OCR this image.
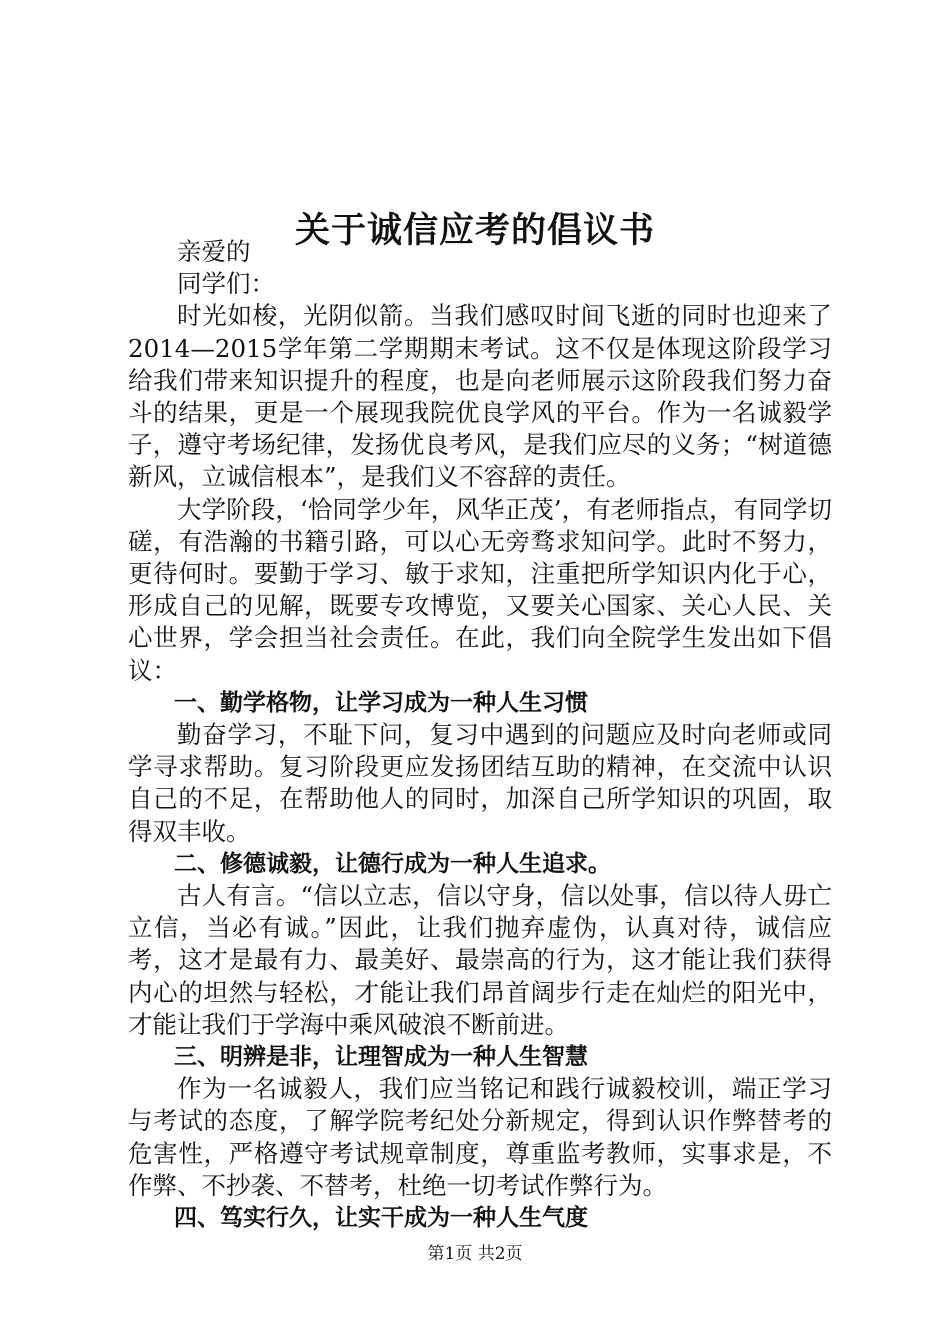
关于诚信应考的倡议书

亲爱的

同学们：

时光如梭，光阴似箭。当我们感叹时间飞逝的同时也迎来了2014—2015学年第二学期期末考试。这不仅是体现这阶段学习给我们带来知识提升的程度，也是向老师展示这阶段我们努力奋斗的结果，更是一个展现我院优良学风的平台。作为一名诚毅学子，遵守考场纪律，发扬优良考风，是我们应尽的义务；“树道德新风，立诚信根本”，是我们义不容辞的责任。

大学阶段，‘恰同学少年，风华正茂’，有老师指点，有同学切磋，有浩瀚的书籍引路，可以心无旁骛求知问学。此时不努力，更待何时。要勤于学习、敏于求知，注重把所学知识内化于心，形成自己的见解，既要专攻博览，又要关心国家、关心人民、关心世界，学会担当社会责任。在此，我们向全院学生发出如下倡议：

一、勤学格物，让学习成为一种人生习惯

勤奋学习，不耻下问，复习中遇到的问题应及时向老师或同学寻求帮助。复习阶段更应发扬团结互助的精神，在交流中认识自己的不足，在帮助他人的同时，加深自己所学知识的巩固，取得双丰收。

二、修德诚毅，让德行成为一种人生追求。

古人有言。“信以立志，信以守身，信以处事，信以待人毋亡立信，当必有诚。”因此，让我们抛弃虚伪，认真对待，诚信应考，这才是最有力、最美好、最崇高的行为，这才能让我们获得内心的坦然与轻松，才能让我们昂首阔步行走在灿烂的阳光中，才能让我们于学海中乘风破浪不断前进。

三、明辨是非，让理智成为一种人生智慧

作为一名诚毅人，我们应当铭记和践行诚毅校训，端正学习与考试的态度，了解学院考纪处分新规定，得到认识作弊替考的危害性，严格遵守考试规章制度，尊重监考教师，实事求是，不作弊、不抄袭、不替考，杜绝一切考试作弊行为。

四、笃实行久，让实干成为一种人生气度

第1页 共2页
